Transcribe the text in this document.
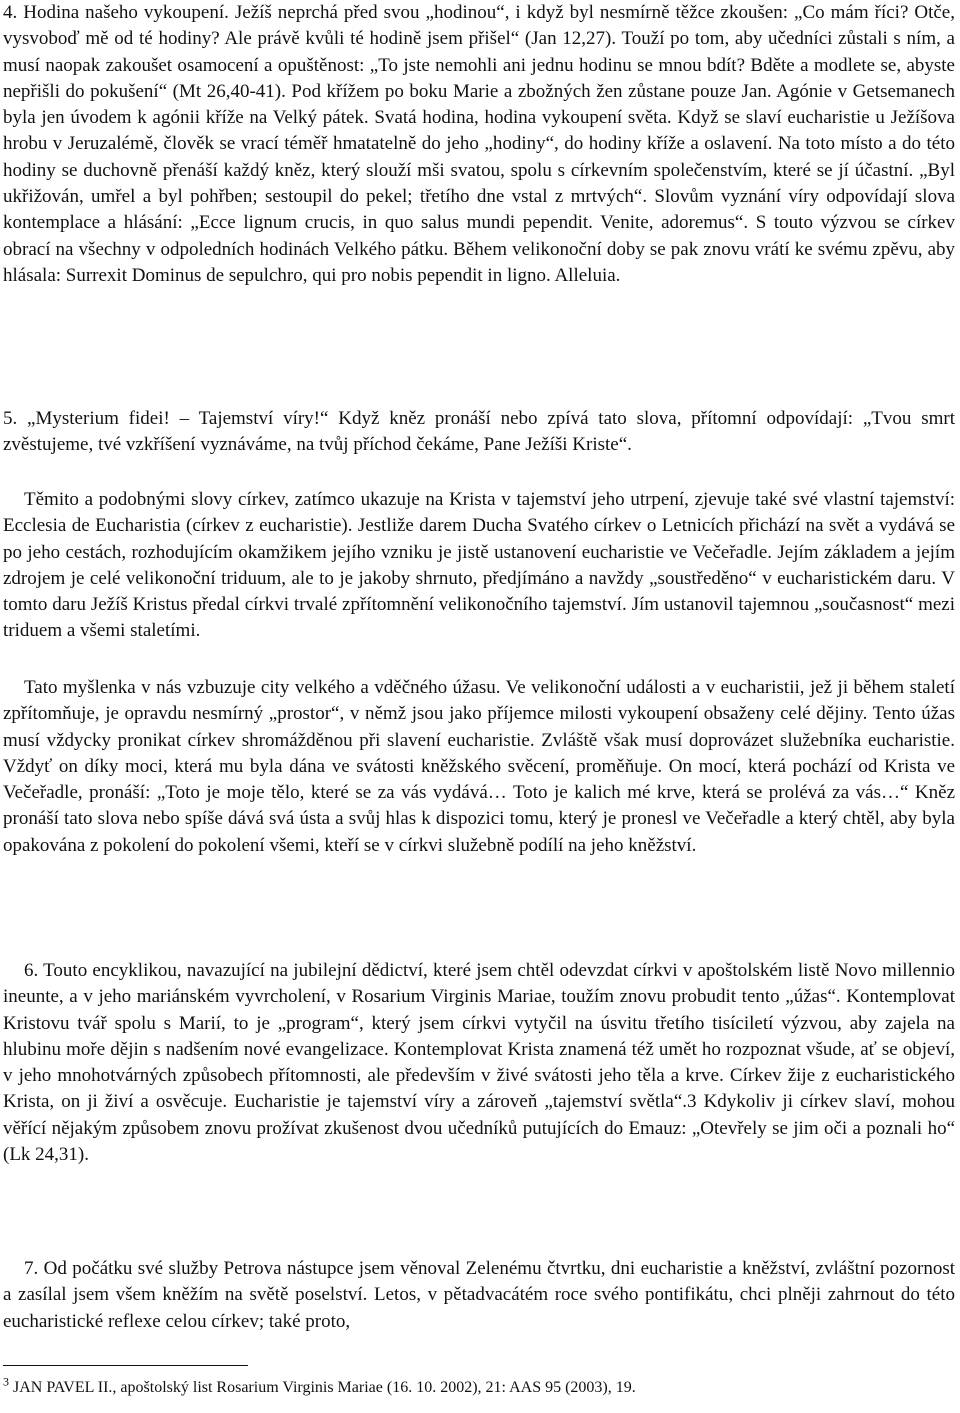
4. Hodina našeho vykoupení. Ježíš neprchá před svou „hodinou“, i když byl nesmírně těžce zkoušen: „Co mám říci? Otče, vysvoboď mě od té hodiny? Ale právě kvůli té hodině jsem přišel“ (Jan 12,27). Touží po tom, aby učedníci zůstali s ním, a musí naopak zakoušet osamocení a opuštěnost: „To jste nemohli ani jednu hodinu se mnou bdít? Bděte a modlete se, abyste nepřišli do pokušení“ (Mt 26,40-41). Pod křížem po boku Marie a zbožných žen zůstane pouze Jan. Agónie v Getsemanech byla jen úvodem k agónii kříže na Velký pátek. Svatá hodina, hodina vykoupení světa. Když se slaví eucharistie u Ježíšova hrobu v Jeruzalémě, člověk se vrací téměř hmatatelně do jeho „hodiny“, do hodiny kříže a oslavení. Na toto místo a do této hodiny se duchovně přenáší každý kněz, který slouží mši svatou, spolu s církevním společenstvím, které se jí účastní. „Byl ukřižován, umřel a byl pohřben; sestoupil do pekel; třetího dne vstal z mrtvých“. Slovům vyznání víry odpovídají slova kontemplace a hlásání: „Ecce lignum crucis, in quo salus mundi pependit. Venite, adoremus“. S touto výzvou se církev obrací na všechny v odpoledních hodinách Velkého pátku. Během velikonoční doby se pak znovu vrátí ke svému zpěvu, aby hlásala: Surrexit Dominus de sepulchro, qui pro nobis pependit in ligno. Alleluia.

5. „Mysterium fidei! – Tajemství víry!“ Když kněz pronáší nebo zpívá tato slova, přítomní odpovídají: „Tvou smrt zvěstujeme, tvé vzkříšení vyznáváme, na tvůj příchod čekáme, Pane Ježíši Kriste“.

Těmito a podobnými slovy církev, zatímco ukazuje na Krista v tajemství jeho utrpení, zjevuje také své vlastní tajemství: Ecclesia de Eucharistia (církev z eucharistie). Jestliže darem Ducha Svatého církev o Letnicích přichází na svět a vydává se po jeho cestách, rozhodujícím okamžikem jejího vzniku je jistě ustanovení eucharistie ve Večeřadle. Jejím základem a jejím zdrojem je celé velikonoční triduum, ale to je jakoby shrnuto, předjímáno a navždy „soustředěno“ v eucharistickém daru. V tomto daru Ježíš Kristus předal církvi trvalé zpřítomnění velikonočního tajemství. Jím ustanovil tajemnou „současnost“ mezi triduem a všemi staletími.

Tato myšlenka v nás vzbuzuje city velkého a vděčného úžasu. Ve velikonoční události a v eucharistii, jež ji během staletí zpřítomňuje, je opravdu nesmírný „prostor“, v němž jsou jako příjemce milosti vykoupení obsaženy celé dějiny. Tento úžas musí vždycky pronikat církev shromážděnou při slavení eucharistie. Zvláště však musí doprovázet služebníka eucharistie. Vždyť on díky moci, která mu byla dána ve svátosti kněžského svěcení, proměňuje. On mocí, která pochází od Krista ve Večeřadle, pronáší: „Toto je moje tělo, které se za vás vydává… Toto je kalich mé krve, která se prolévá za vás…“ Kněz pronáší tato slova nebo spíše dává svá ústa a svůj hlas k dispozici tomu, který je pronesl ve Večeřadle a který chtěl, aby byla opakována z pokolení do pokolení všemi, kteří se v církvi služebně podílí na jeho kněžství.

6. Touto encyklikou, navazující na jubilejní dědictví, které jsem chtěl odevzdat církvi v apoštolském listě Novo millennio ineunte, a v jeho mariánském vyvrcholení, v Rosarium Virginis Mariae, toužím znovu probudit tento „úžas“. Kontemplovat Kristovu tvář spolu s Marií, to je „program“, který jsem církvi vytyčil na úsvitu třetího tisíciletí výzvou, aby zajela na hlubinu moře dějin s nadšením nové evangelizace. Kontemplovat Krista znamená též umět ho rozpoznat všude, ať se objeví, v jeho mnohotvárných způsobech přítomnosti, ale především v živé svátosti jeho těla a krve. Církev žije z eucharistického Krista, on ji živí a osvěcuje. Eucharistie je tajemství víry a zároveň „tajemství světla“.3 Kdykoliv ji církev slaví, mohou věřící nějakým způsobem znovu prožívat zkušenost dvou učedníků putujících do Emauz: „Otevřely se jim oči a poznali ho“ (Lk 24,31).

7. Od počátku své služby Petrova nástupce jsem věnoval Zelenému čtvrtku, dni eucharistie a kněžství, zvláštní pozornost a zasílal jsem všem kněžím na světě poselství. Letos, v pětadvacátém roce svého pontifikátu, chci plněji zahrnout do této eucharistické reflexe celou církev; také proto,

$^3$ JAN PAVEL II., apoštolský list Rosarium Virginis Mariae (16. 10. 2002), 21: AAS 95 (2003), 19.
